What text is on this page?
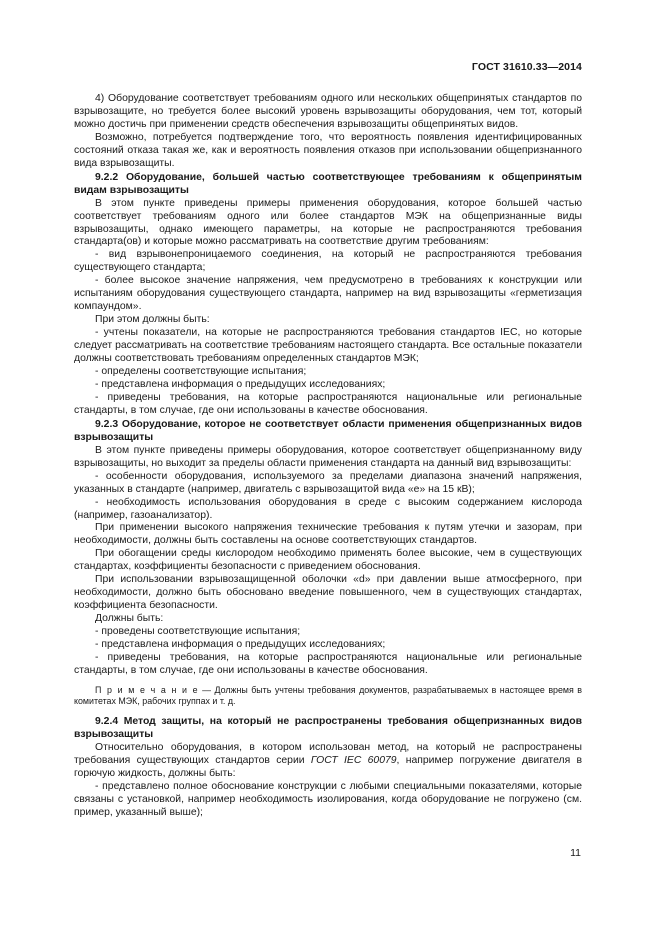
ГОСТ 31610.33—2014

4) Оборудование соответствует требованиям одного или нескольких общепринятых стандартов по взрывозащите, но требуется более высокий уровень взрывозащиты оборудования, чем тот, который можно достичь при применении средств обеспечения взрывозащиты общепринятых видов.

Возможно, потребуется подтверждение того, что вероятность появления идентифицированных состояний отказа такая же, как и вероятность появления отказов при использовании общепризнанного вида взрывозащиты.

9.2.2 Оборудование, большей частью соответствующее требованиям к общепринятым видам взрывозащиты

В этом пункте приведены примеры применения оборудования, которое большей частью соответствует требованиям одного или более стандартов МЭК на общепризнанные виды взрывозащиты, однако имеющего параметры, на которые не распространяются требования стандарта(ов) и которые можно рассматривать на соответствие другим требованиям:

- вид взрывонепроницаемого соединения, на который не распространяются требования существующего стандарта;

- более высокое значение напряжения, чем предусмотрено в требованиях к конструкции или испытаниям оборудования существующего стандарта, например на вид взрывозащиты «герметизация компаундом».

При этом должны быть:

- учтены показатели, на которые не распространяются требования стандартов IEC, но которые следует рассматривать на соответствие требованиям настоящего стандарта. Все остальные показатели должны соответствовать требованиям определенных стандартов МЭК;

- определены соответствующие испытания;

- представлена информация о предыдущих исследованиях;

- приведены требования, на которые распространяются национальные или региональные стандарты, в том случае, где они использованы в качестве обоснования.

9.2.3 Оборудование, которое не соответствует области применения общепризнанных видов взрывозащиты

В этом пункте приведены примеры оборудования, которое соответствует общепризнанному виду взрывозащиты, но выходит за пределы области применения стандарта на данный вид взрывозащиты:

- особенности оборудования, используемого за пределами диапазона значений напряжения, указанных в стандарте (например, двигатель с взрывозащитой вида «е» на 15 кВ);

- необходимость использования оборудования в среде с высоким содержанием кислорода (например, газоанализатор).

При применении высокого напряжения технические требования к путям утечки и зазорам, при необходимости, должны быть составлены на основе соответствующих стандартов.

При обогащении среды кислородом необходимо применять более высокие, чем в существующих стандартах, коэффициенты безопасности с приведением обоснования.

При использовании взрывозащищенной оболочки «d» при давлении выше атмосферного, при необходимости, должно быть обосновано введение повышенного, чем в существующих стандартах, коэффициента безопасности.

Должны быть:

- проведены соответствующие испытания;

- представлена информация о предыдущих исследованиях;

- приведены требования, на которые распространяются национальные или региональные стандарты, в том случае, где они использованы в качестве обоснования.

П р и м е ч а н и е — Должны быть учтены требования документов, разрабатываемых в настоящее время в комитетах МЭК, рабочих группах и т. д.

9.2.4 Метод защиты, на который не распространены требования общепризнанных видов взрывозащиты

Относительно оборудования, в котором использован метод, на который не распространены требования существующих стандартов серии ГОСТ IEC 60079, например погружение двигателя в горючую жидкость, должны быть:

- представлено полное обоснование конструкции с любыми специальными показателями, которые связаны с установкой, например необходимость изолирования, когда оборудование не погружено (см. пример, указанный выше);

11
